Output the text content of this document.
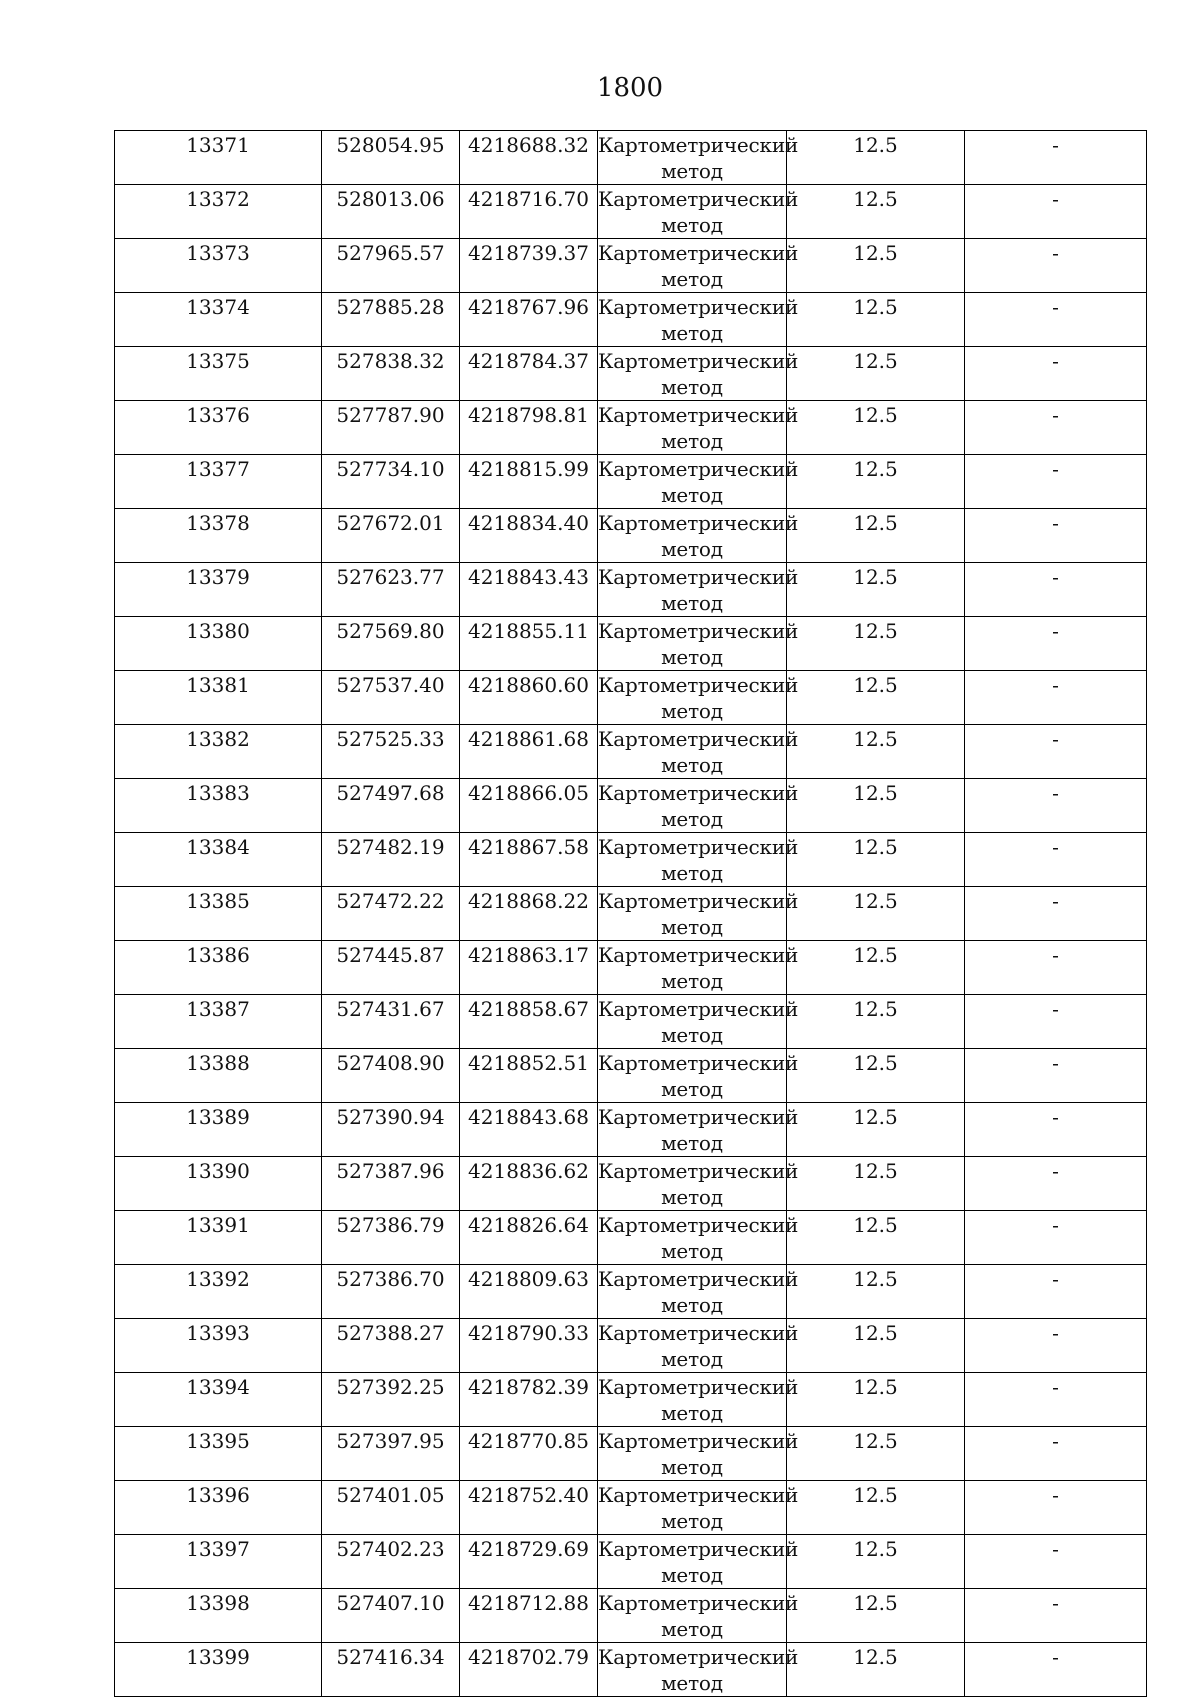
1800
13371	528054.95	4218688.32	Картометрический метод	12.5	-

13372	528013.06	4218716.70	Картометрический метод	12.5	-

13373	527965.57	4218739.37	Картометрический метод	12.5	-

13374	527885.28	4218767.96	Картометрический метод	12.5	-

13375	527838.32	4218784.37	Картометрический метод	12.5	-

13376	527787.90	4218798.81	Картометрический метод	12.5	-

13377	527734.10	4218815.99	Картометрический метод	12.5	-

13378	527672.01	4218834.40	Картометрический метод	12.5	-

13379	527623.77	4218843.43	Картометрический метод	12.5	-

13380	527569.80	4218855.11	Картометрический метод	12.5	-

13381	527537.40	4218860.60	Картометрический метод	12.5	-

13382	527525.33	4218861.68	Картометрический метод	12.5	-

13383	527497.68	4218866.05	Картометрический метод	12.5	-

13384	527482.19	4218867.58	Картометрический метод	12.5	-

13385	527472.22	4218868.22	Картометрический метод	12.5	-

13386	527445.87	4218863.17	Картометрический метод	12.5	-

13387	527431.67	4218858.67	Картометрический метод	12.5	-

13388	527408.90	4218852.51	Картометрический метод	12.5	-

13389	527390.94	4218843.68	Картометрический метод	12.5	-

13390	527387.96	4218836.62	Картометрический метод	12.5	-

13391	527386.79	4218826.64	Картометрический метод	12.5	-

13392	527386.70	4218809.63	Картометрический метод	12.5	-

13393	527388.27	4218790.33	Картометрический метод	12.5	-

13394	527392.25	4218782.39	Картометрический метод	12.5	-

13395	527397.95	4218770.85	Картометрический метод	12.5	-

13396	527401.05	4218752.40	Картометрический метод	12.5	-

13397	527402.23	4218729.69	Картометрический метод	12.5	-

13398	527407.10	4218712.88	Картометрический метод	12.5	-

13399	527416.34	4218702.79	Картометрический метод	12.5	-
